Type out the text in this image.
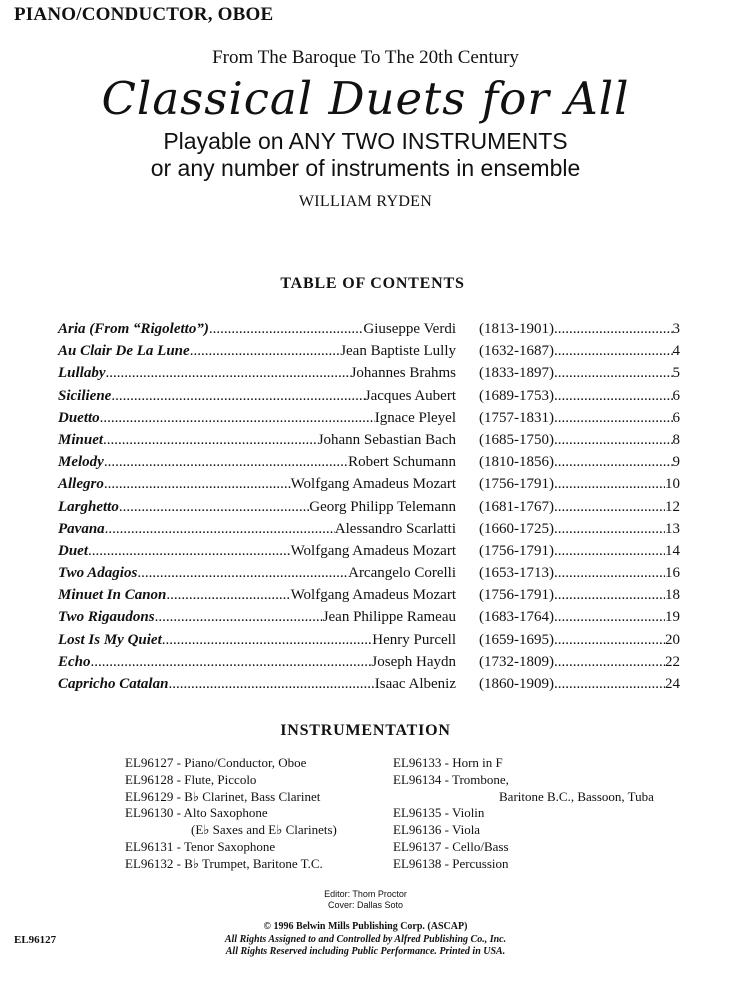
PIANO/CONDUCTOR, OBOE
From The Baroque To The 20th Century
Classical Duets for All
Playable on ANY TWO INSTRUMENTS
or any number of instruments in ensemble
WILLIAM RYDEN
TABLE OF CONTENTS
Aria (From “Rigoletto”) .....	Giuseppe Verdi (1813-1901) .....	3
Au Clair De La Lune .....	Jean Baptiste Lully (1632-1687) .....	4
Lullaby .....	Johannes Brahms (1833-1897) .....	5
Siciliene .....	Jacques Aubert (1689-1753) .....	6
Duetto .....	Ignace Pleyel (1757-1831) .....	6
Minuet .....	Johann Sebastian Bach (1685-1750) .....	8
Melody .....	Robert Schumann (1810-1856) .....	9
Allegro .....	Wolfgang Amadeus Mozart (1756-1791) .....	10
Larghetto .....	Georg Philipp Telemann (1681-1767) .....	12
Pavana .....	Alessandro Scarlatti (1660-1725) .....	13
Duet .....	Wolfgang Amadeus Mozart (1756-1791) .....	14
Two Adagios .....	Arcangelo Corelli (1653-1713) .....	16
Minuet In Canon .....	Wolfgang Amadeus Mozart (1756-1791) .....	18
Two Rigaudons .....	Jean Philippe Rameau (1683-1764) .....	19
Lost Is My Quiet .....	Henry Purcell (1659-1695) .....	20
Echo .....	Joseph Haydn (1732-1809) .....	22
Capricho Catalan .....	Isaac Albeniz (1860-1909) .....	24
INSTRUMENTATION
EL96127 - Piano/Conductor, Oboe
EL96128 - Flute, Piccolo
EL96129 - B♭ Clarinet, Bass Clarinet
EL96130 - Alto Saxophone
(E♭ Saxes and E♭ Clarinets)
EL96131 - Tenor Saxophone
EL96132 - B♭ Trumpet, Baritone T.C.
EL96133 - Horn in F
EL96134 - Trombone,
Baritone B.C., Bassoon, Tuba
EL96135 - Violin
EL96136 - Viola
EL96137 - Cello/Bass
EL96138 - Percussion
Editor: Thom Proctor
Cover: Dallas Soto
© 1996 Belwin Mills Publishing Corp. (ASCAP)
All Rights Assigned to and Controlled by Alfred Publishing Co., Inc.
All Rights Reserved including Public Performance. Printed in USA.
EL96127
